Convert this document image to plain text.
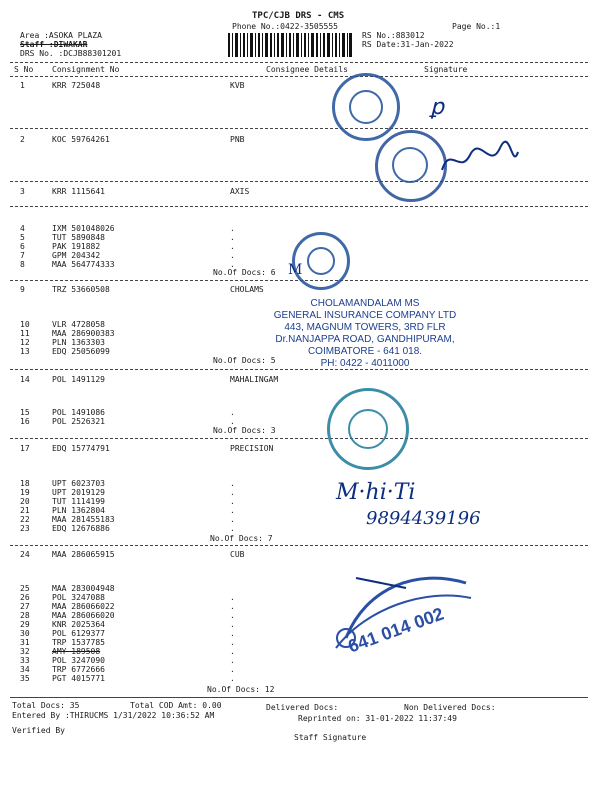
TPC/CJB DRS - CMS
Phone No.:0422-3505555	Page No.:1
Area :ASOKA PLAZA
Staff :DIWAKAR
DRS No. :DCJB88301201
RS No.:883012
RS Date:31-Jan-2022
S No Consignment No	Consignee Details	Signature
1	KRR 725048	KVB
2	KOC 59764261	PNB
3	KRR 1115641	AXIS
4	IXM 501048026	.
5	TUT 5890848	.
6	PAK 191882	.
7	GPM 204342	.
8	MAA 564774333	.
No.Of Docs: 6
9	TRZ 53660508	CHOLAMS
10	VLR 4728058
11	MAA 286900383
12	PLN 1363303
13	EDQ 25056099
No.Of Docs: 5
14	POL 1491129	MAHALINGAM
15	POL 1491086	.
16	POL 2526321	.
No.Of Docs: 3
17	EDQ 15774791	PRECISION
18	UPT 6023703	.
19	UPT 2019129	.
20	TUT 1114199	.
21	PLN 1362804	.
22	MAA 281455183	.
23	EDQ 12676886	.
No.Of Docs: 7
24	MAA 286065915	CUB
25	MAA 283004948
26	POL 3247088	.
27	MAA 286066022	.
28	MAA 286066020	.
29	KNR 2025364	.
30	POL 6129377	.
31	TRP 1537785	.
32	AMY 189508	.
33	POL 3247090	.
34	TRP 6772666	.
35	PGT 4015771	.
No.Of Docs: 12
Total Docs: 35	Total COD Amt: 0.00	Delivered Docs:	Non Delivered Docs:
Entered By :THIRUCMS 1/31/2022 10:36:52 AM	Reprinted on: 31-01-2022 11:37:49
Verified By
Staff Signature
ꝑ
M
CHOLAMANDALAM MS
GENERAL INSURANCE COMPANY LTD
443, MAGNUM TOWERS, 3RD FLR
Dr.NANJAPPA ROAD, GANDHIPURAM,
COIMBATORE - 641 018.
PH: 0422 - 4011000
M·hi·Ti
9894439196
641 014 002
